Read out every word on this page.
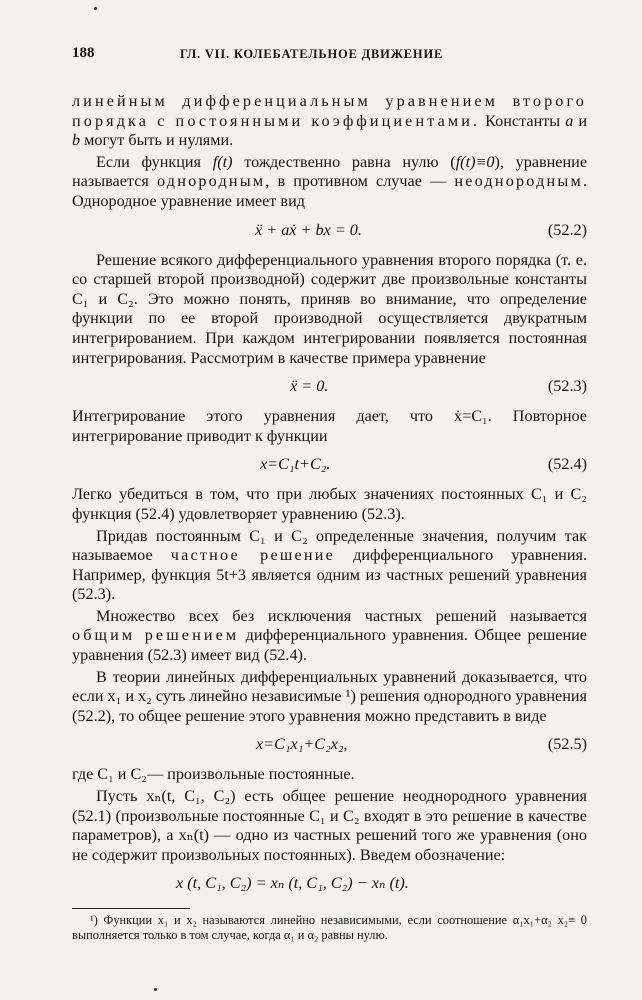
188	ГЛ. VII. КОЛЕБАТЕЛЬНОЕ ДВИЖЕНИЕ

линейным дифференциальным уравнением второго порядка с постоянными коэффициентами. Константы a и b могут быть и нулями.

Если функция f(t) тождественно равна нулю (f(t)≡0), уравнение называется однородным, в противном случае — неоднородным. Однородное уравнение имеет вид

ẍ + aẋ + bx = 0.	(52.2)

Решение всякого дифференциального уравнения второго порядка (т. е. со старшей второй производной) содержит две произвольные константы C₁ и C₂. Это можно понять, приняв во внимание, что определение функции по ее второй производной осуществляется двукратным интегрированием. При каждом интегрировании появляется постоянная интегрирования. Рассмотрим в качестве примера уравнение

ẍ = 0.	(52.3)

Интегрирование этого уравнения дает, что ẋ=C₁. Повторное интегрирование приводит к функции

x=C₁t+C₂.	(52.4)

Легко убедиться в том, что при любых значениях постоянных C₁ и C₂ функция (52.4) удовлетворяет уравнению (52.3).

Придав постоянным C₁ и C₂ определенные значения, получим так называемое частное решение дифференциального уравнения. Например, функция 5t+3 является одним из частных решений уравнения (52.3).

Множество всех без исключения частных решений называется общим решением дифференциального уравнения. Общее решение уравнения (52.3) имеет вид (52.4).

В теории линейных дифференциальных уравнений доказывается, что если x₁ и x₂ суть линейно независимые ¹) решения однородного уравнения (52.2), то общее решение этого уравнения можно представить в виде

x=C₁x₁+C₂x₂,	(52.5)

где C₁ и C₂— произвольные постоянные.

Пусть xₙ(t, C₁, C₂) есть общее решение неоднородного уравнения (52.1) (произвольные постоянные C₁ и C₂ входят в это решение в качестве параметров), а xₙ(t) — одно из частных решений того же уравнения (оно не содержит произвольных постоянных). Введем обозначение:

x (t, C₁, C₂) = xₙ (t, C₁, C₂) − xₙ (t).

¹) Функции x₁ и x₂ называются линейно независимыми, если соотношение α₁x₁+α₂ x₂≡ 0 выполняется только в том случае, когда α₁ и α₂ равны нулю.
